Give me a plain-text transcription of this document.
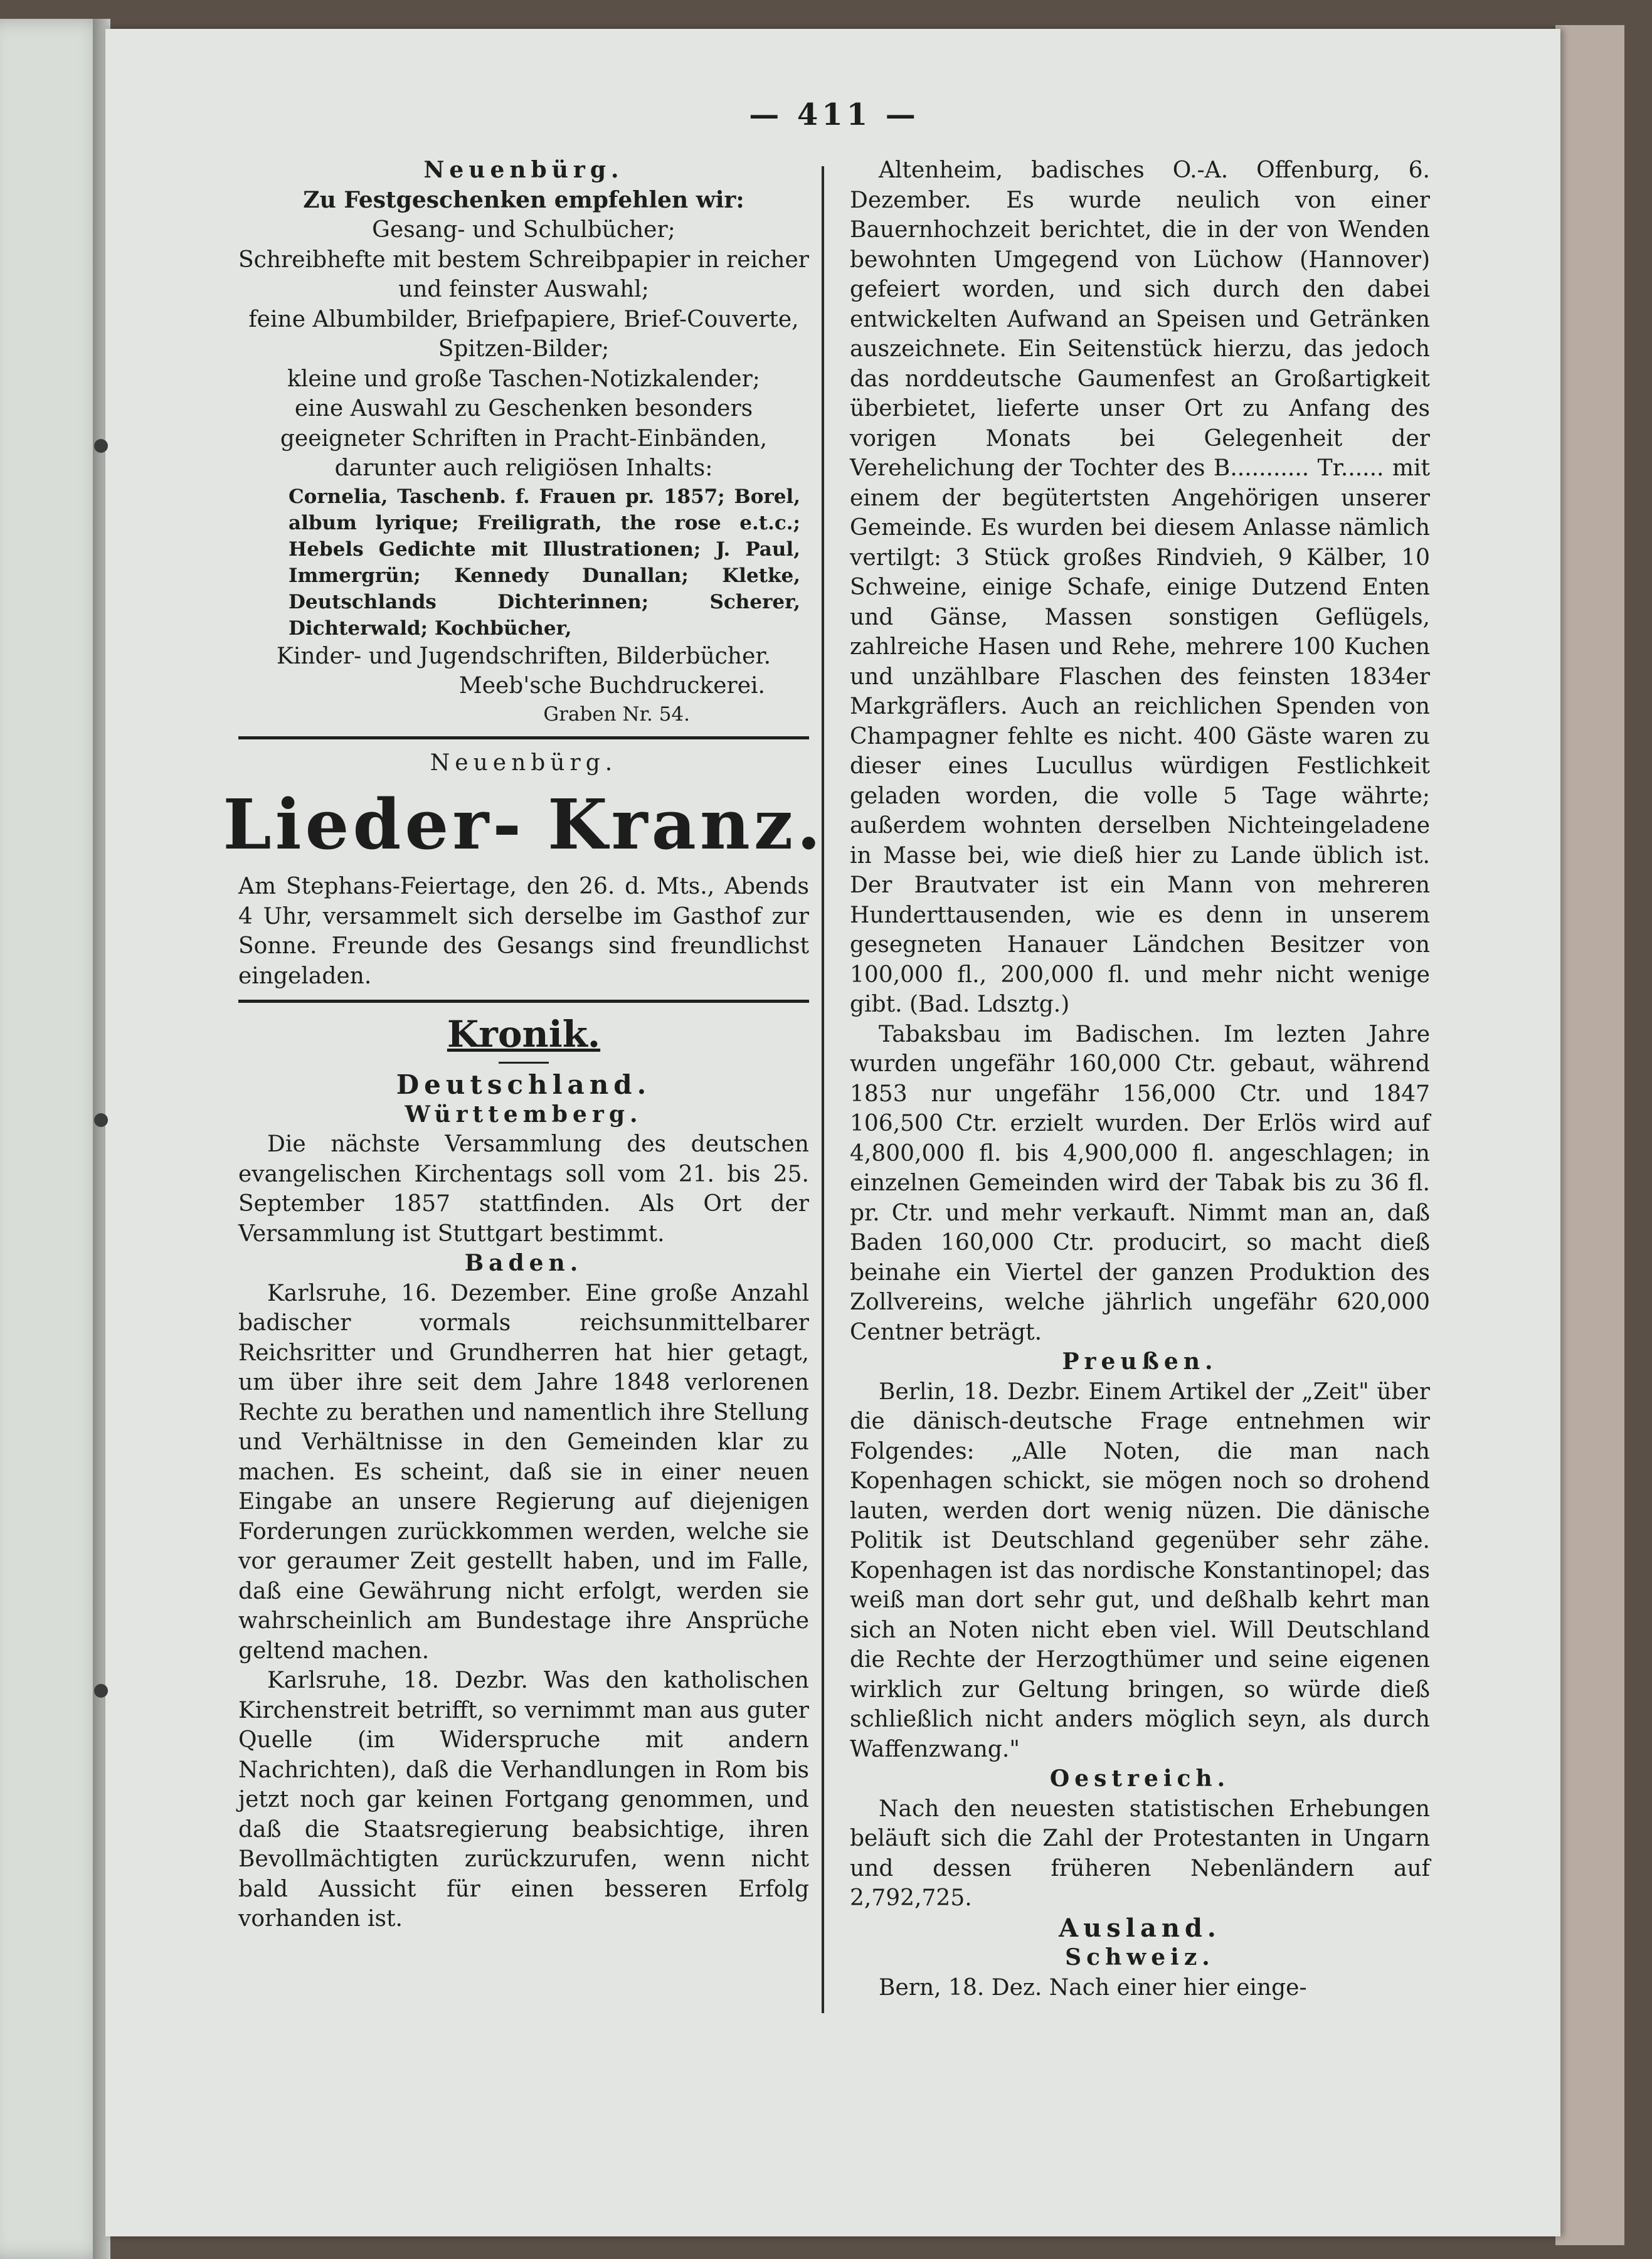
— 411 —

Neuenbürg.

Zu Festgeschenken empfehlen wir:

Gesang- und Schulbücher;

Schreibhefte mit bestem Schreibpapier in reicher und feinster Auswahl;

feine Albumbilder, Briefpapiere, Brief-Couverte, Spitzen-Bilder;

kleine und große Taschen-Notizkalender;

eine Auswahl zu Geschenken besonders geeigneter Schriften in Pracht-Einbänden, darunter auch religiösen Inhalts:

Cornelia, Taschenb. f. Frauen pr. 1857; Borel, album lyrique; Freiligrath, the rose e.t.c.; Hebels Gedichte mit Illustrationen; J. Paul, Immergrün; Kennedy Dunallan; Kletke, Deutschlands Dichterinnen; Scherer, Dichterwald; Kochbücher,

Kinder- und Jugendschriften, Bilderbücher.

Meeb'sche Buchdruckerei.

Graben Nr. 54.

Neuenbürg.

Lieder- Kranz.

Am Stephans-Feiertage, den 26. d. Mts., Abends 4 Uhr, versammelt sich derselbe im Gasthof zur Sonne. Freunde des Gesangs sind freundlichst eingeladen.

Kronik.

Deutschland.

Württemberg.

Die nächste Versammlung des deutschen evangelischen Kirchentags soll vom 21. bis 25. September 1857 stattfinden. Als Ort der Versammlung ist Stuttgart bestimmt.

Baden.

Karlsruhe, 16. Dezember. Eine große Anzahl badischer vormals reichsunmittelbarer Reichsritter und Grundherren hat hier getagt, um über ihre seit dem Jahre 1848 verlorenen Rechte zu berathen und namentlich ihre Stellung und Verhältnisse in den Gemeinden klar zu machen. Es scheint, daß sie in einer neuen Eingabe an unsere Regierung auf diejenigen Forderungen zurückkommen werden, welche sie vor geraumer Zeit gestellt haben, und im Falle, daß eine Gewährung nicht erfolgt, werden sie wahrscheinlich am Bundestage ihre Ansprüche geltend machen.

Karlsruhe, 18. Dezbr. Was den katholischen Kirchenstreit betrifft, so vernimmt man aus guter Quelle (im Widerspruche mit andern Nachrichten), daß die Verhandlungen in Rom bis jetzt noch gar keinen Fortgang genommen, und daß die Staatsregierung beabsichtige, ihren Bevollmächtigten zurückzurufen, wenn nicht bald Aussicht für einen besseren Erfolg vorhanden ist.

Altenheim, badisches O.-A. Offenburg, 6. Dezember. Es wurde neulich von einer Bauernhochzeit berichtet, die in der von Wenden bewohnten Umgegend von Lüchow (Hannover) gefeiert worden, und sich durch den dabei entwickelten Aufwand an Speisen und Getränken auszeichnete. Ein Seitenstück hierzu, das jedoch das norddeutsche Gaumenfest an Großartigkeit überbietet, lieferte unser Ort zu Anfang des vorigen Monats bei Gelegenheit der Verehelichung der Tochter des B........... Tr...... mit einem der begütertsten Angehörigen unserer Gemeinde. Es wurden bei diesem Anlasse nämlich vertilgt: 3 Stück großes Rindvieh, 9 Kälber, 10 Schweine, einige Schafe, einige Dutzend Enten und Gänse, Massen sonstigen Geflügels, zahlreiche Hasen und Rehe, mehrere 100 Kuchen und unzählbare Flaschen des feinsten 1834er Markgräflers. Auch an reichlichen Spenden von Champagner fehlte es nicht. 400 Gäste waren zu dieser eines Lucullus würdigen Festlichkeit geladen worden, die volle 5 Tage währte; außerdem wohnten derselben Nichteingeladene in Masse bei, wie dieß hier zu Lande üblich ist. Der Brautvater ist ein Mann von mehreren Hunderttausenden, wie es denn in unserem gesegneten Hanauer Ländchen Besitzer von 100,000 fl., 200,000 fl. und mehr nicht wenige gibt. (Bad. Ldsztg.)

Tabaksbau im Badischen. Im lezten Jahre wurden ungefähr 160,000 Ctr. gebaut, während 1853 nur ungefähr 156,000 Ctr. und 1847 106,500 Ctr. erzielt wurden. Der Erlös wird auf 4,800,000 fl. bis 4,900,000 fl. angeschlagen; in einzelnen Gemeinden wird der Tabak bis zu 36 fl. pr. Ctr. und mehr verkauft. Nimmt man an, daß Baden 160,000 Ctr. producirt, so macht dieß beinahe ein Viertel der ganzen Produktion des Zollvereins, welche jährlich ungefähr 620,000 Centner beträgt.

Preußen.

Berlin, 18. Dezbr. Einem Artikel der „Zeit" über die dänisch-deutsche Frage entnehmen wir Folgendes: „Alle Noten, die man nach Kopenhagen schickt, sie mögen noch so drohend lauten, werden dort wenig nüzen. Die dänische Politik ist Deutschland gegenüber sehr zähe. Kopenhagen ist das nordische Konstantinopel; das weiß man dort sehr gut, und deßhalb kehrt man sich an Noten nicht eben viel. Will Deutschland die Rechte der Herzogthümer und seine eigenen wirklich zur Geltung bringen, so würde dieß schließlich nicht anders möglich seyn, als durch Waffenzwang."

Oestreich.

Nach den neuesten statistischen Erhebungen beläuft sich die Zahl der Protestanten in Ungarn und dessen früheren Nebenländern auf 2,792,725.

Ausland.

Schweiz.

Bern, 18. Dez. Nach einer hier einge-
